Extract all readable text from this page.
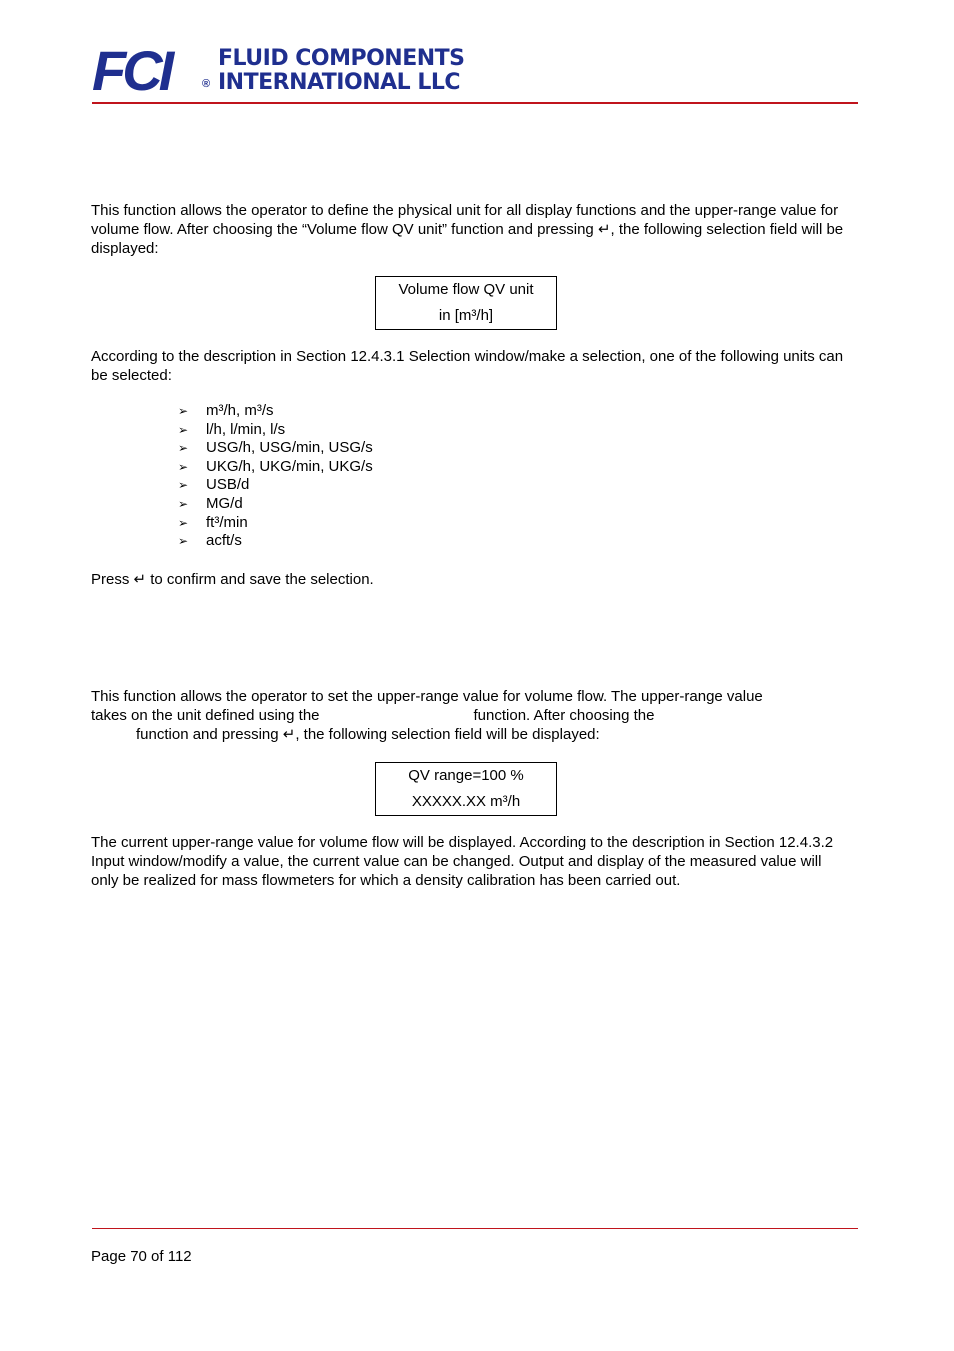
FCI	®
FLUID COMPONENTS
INTERNATIONAL LLC

This function allows the operator to define the physical unit for all display functions and the upper-range value for volume flow. After choosing the “Volume flow QV unit” function and pressing ↵, the following selection field will be displayed:

Volume flow QV unit
in [m³/h]

According to the description in Section 12.4.3.1 Selection window/make a selection, one of the following units can be selected:

➢ m³/h, m³/s
➢ l/h, l/min, l/s
➢ USG/h, USG/min, USG/s
➢ UKG/h, UKG/min, UKG/s
➢ USB/d
➢ MG/d
➢ ft³/min
➢ acft/s

Press ↵ to confirm and save the selection.

This function allows the operator to set the upper-range value for volume flow. The upper-range value
takes on the unit defined using the	function. After choosing the
function and pressing ↵, the following selection field will be displayed:

QV range=100 %
XXXXX.XX m³/h

The current upper-range value for volume flow will be displayed. According to the description in Section 12.4.3.2 Input window/modify a value, the current value can be changed. Output and display of the measured value will only be realized for mass flowmeters for which a density calibration has been carried out.

Page 70 of 112
